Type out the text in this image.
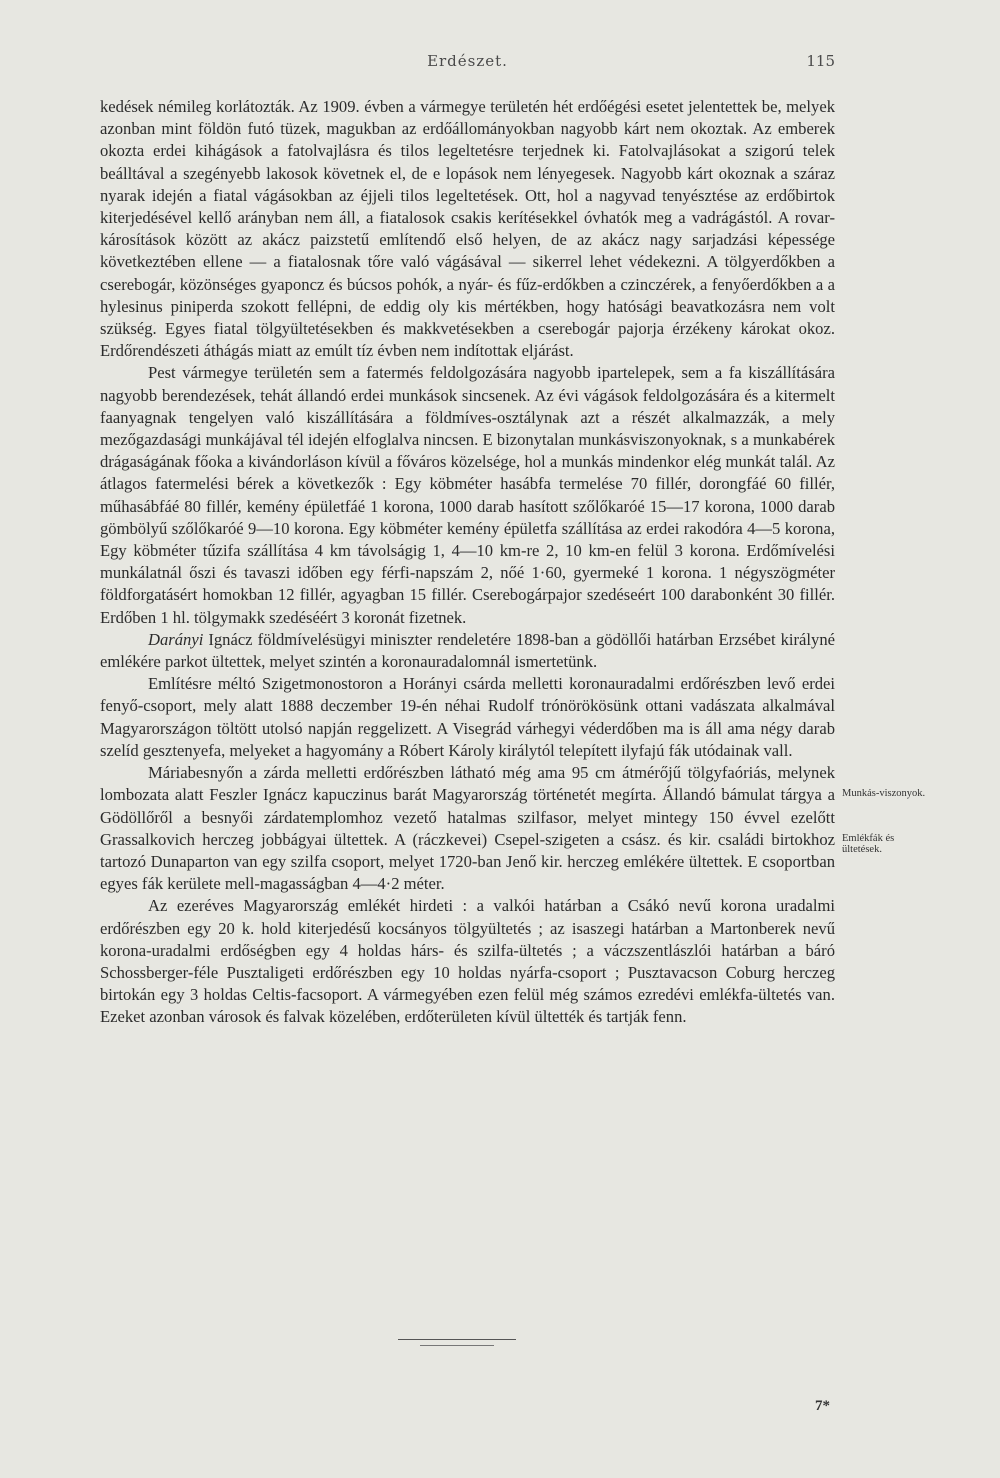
Erdészet.	115

kedések némileg korlátozták. Az 1909. évben a vármegye területén hét erdőégési esetet jelentettek be, melyek azonban mint földön futó tüzek, magukban az erdőállományokban nagyobb kárt nem okoztak. Az emberek okozta erdei kihágások a fatolvajlásra és tilos legeltetésre terjednek ki. Fatolvajlásokat a szigorú telek beálltával a szegényebb lakosok követnek el, de e lopások nem lényegesek. Nagyobb kárt okoznak a száraz nyarak idején a fiatal vágásokban az éjjeli tilos legeltetések. Ott, hol a nagyvad tenyésztése az erdőbirtok kiterjedésével kellő arányban nem áll, a fiatalosok csakis kerítésekkel óvhatók meg a vadrágástól. A rovar-károsítások között az akácz paizstetű említendő első helyen, de az akácz nagy sarjadzási képessége következtében ellene — a fiatalosnak tőre való vágásával — sikerrel lehet védekezni. A tölgyerdőkben a cserebogár, közönséges gyaponcz és búcsos pohók, a nyár- és fűz-erdőkben a czinczérek, a fenyőerdőkben a a hylesinus piniperda szokott fellépni, de eddig oly kis mértékben, hogy hatósági beavatkozásra nem volt szükség. Egyes fiatal tölgyültetésekben és makkvetésekben a cserebogár pajorja érzékeny károkat okoz. Erdőrendészeti áthágás miatt az emúlt tíz évben nem indítottak eljárást.

Pest vármegye területén sem a fatermés feldolgozására nagyobb iparteleрek, sem a fa kiszállítására nagyobb berendezések, tehát állandó erdei munkások sincsenek. Az évi vágások feldolgozására és a kitermelt faanyagnak tengelyen való kiszállítására a földmíves-osztálynak azt a részét alkalmazzák, a mely mezőgazdasági munkájával tél idején elfoglalva nincsen. E bizonytalan munkásviszonyoknak, s a munkabérek drágaságának főoka a kivándorláson kívül a főváros közelsége, hol a munkás mindenkor elég munkát talál. Az átlagos fatermelési bérek a következők : Egy köbméter hasábfa termelése 70 fillér, dorongfáé 60 fillér, műhasábfáé 80 fillér, kemény épületfáé 1 korona, 1000 darab hasított szőlőkaróé 15—17 korona, 1000 darab gömbölyű szőlőkaróé 9—10 korona. Egy köbméter kemény épületfa szállítása az erdei rakodóra 4—5 korona, Egy köbméter tűzifa szállítása 4 km távolságig 1, 4—10 km-re 2, 10 km-en felül 3 korona. Erdőmívelési munkálatnál őszi és tavaszi időben egy férfi-napszám 2, nőé 1·60, gyermeké 1 korona. 1 négyszögméter földforgatásért homokban 12 fillér, agyagban 15 fillér. Cserebogárpajor szedéseért 100 darabonként 30 fillér. Erdőben 1 hl. tölgymakk szedéséért 3 koronát fizetnek.

Darányi Ignácz földmívelésügyi miniszter rendeletére 1898-ban a gödöllői határban Erzsébet királyné emlékére parkot ültettek, melyet szintén a koronauradalomnál ismertetünk.

Említésre méltó Szigetmonostoron a Horányi csárda melletti koronauradalmi erdőrészben levő erdei fenyő-csoport, mely alatt 1888 deczember 19-én néhai Rudolf trónörökösünk ottani vadászata alkalmával Magyarországon töltött utolsó napján reggelizett. A Visegrád várhegyi véderdőben ma is áll ama négy darab szelíd gesztenyefa, melyeket a hagyomány a Róbert Károly királytól telepített ilyfajú fák utódainak vall.

Máriabesnyőn a zárda melletti erdőrészben látható még ama 95 cm átmérőjű tölgyfaóriás, melynek lombozata alatt Feszler Ignácz kapuczinus barát Magyarország történetét megírta. Állandó bámulat tárgya a Gödöllőről a besnyői zárdatemplomhoz vezető hatalmas szilfasor, melyet mintegy 150 évvel ezelőtt Grassalkovich herczeg jobbágyai ültettek. A (ráczkevei) Csepel-szigeten a csász. és kir. családi birtokhoz tartozó Dunaparton van egy szilfa csoport, melyet 1720-ban Jenő kir. herczeg emlékére ültettek. E csoportban egyes fák kerülete mell-magasságban 4—4·2 méter.

Az ezeréves Magyarország emlékét hirdeti : a valkói határban a Csákó nevű korona uradalmi erdőrészben egy 20 k. hold kiterjedésű kocsányos tölgyültetés ; az isaszegi határban a Martonberek nevű korona-uradalmi erdőségben egy 4 holdas hárs- és szilfa-ültetés ; a váczszentlászlói határban a báró Schossberger-féle Pusztaligeti erdőrészben egy 10 holdas nyárfa-csoport ; Pusztavacson Coburg herczeg birtokán egy 3 holdas Celtis-facsoport. A vármegyében ezen felül még számos ezredévi emlékfa-ültetés van. Ezeket azonban városok és falvak közelében, erdőterületen kívül ültették és tartják fenn.

Munkás-viszonyok.
Emlékfák és ültetések.
7*
